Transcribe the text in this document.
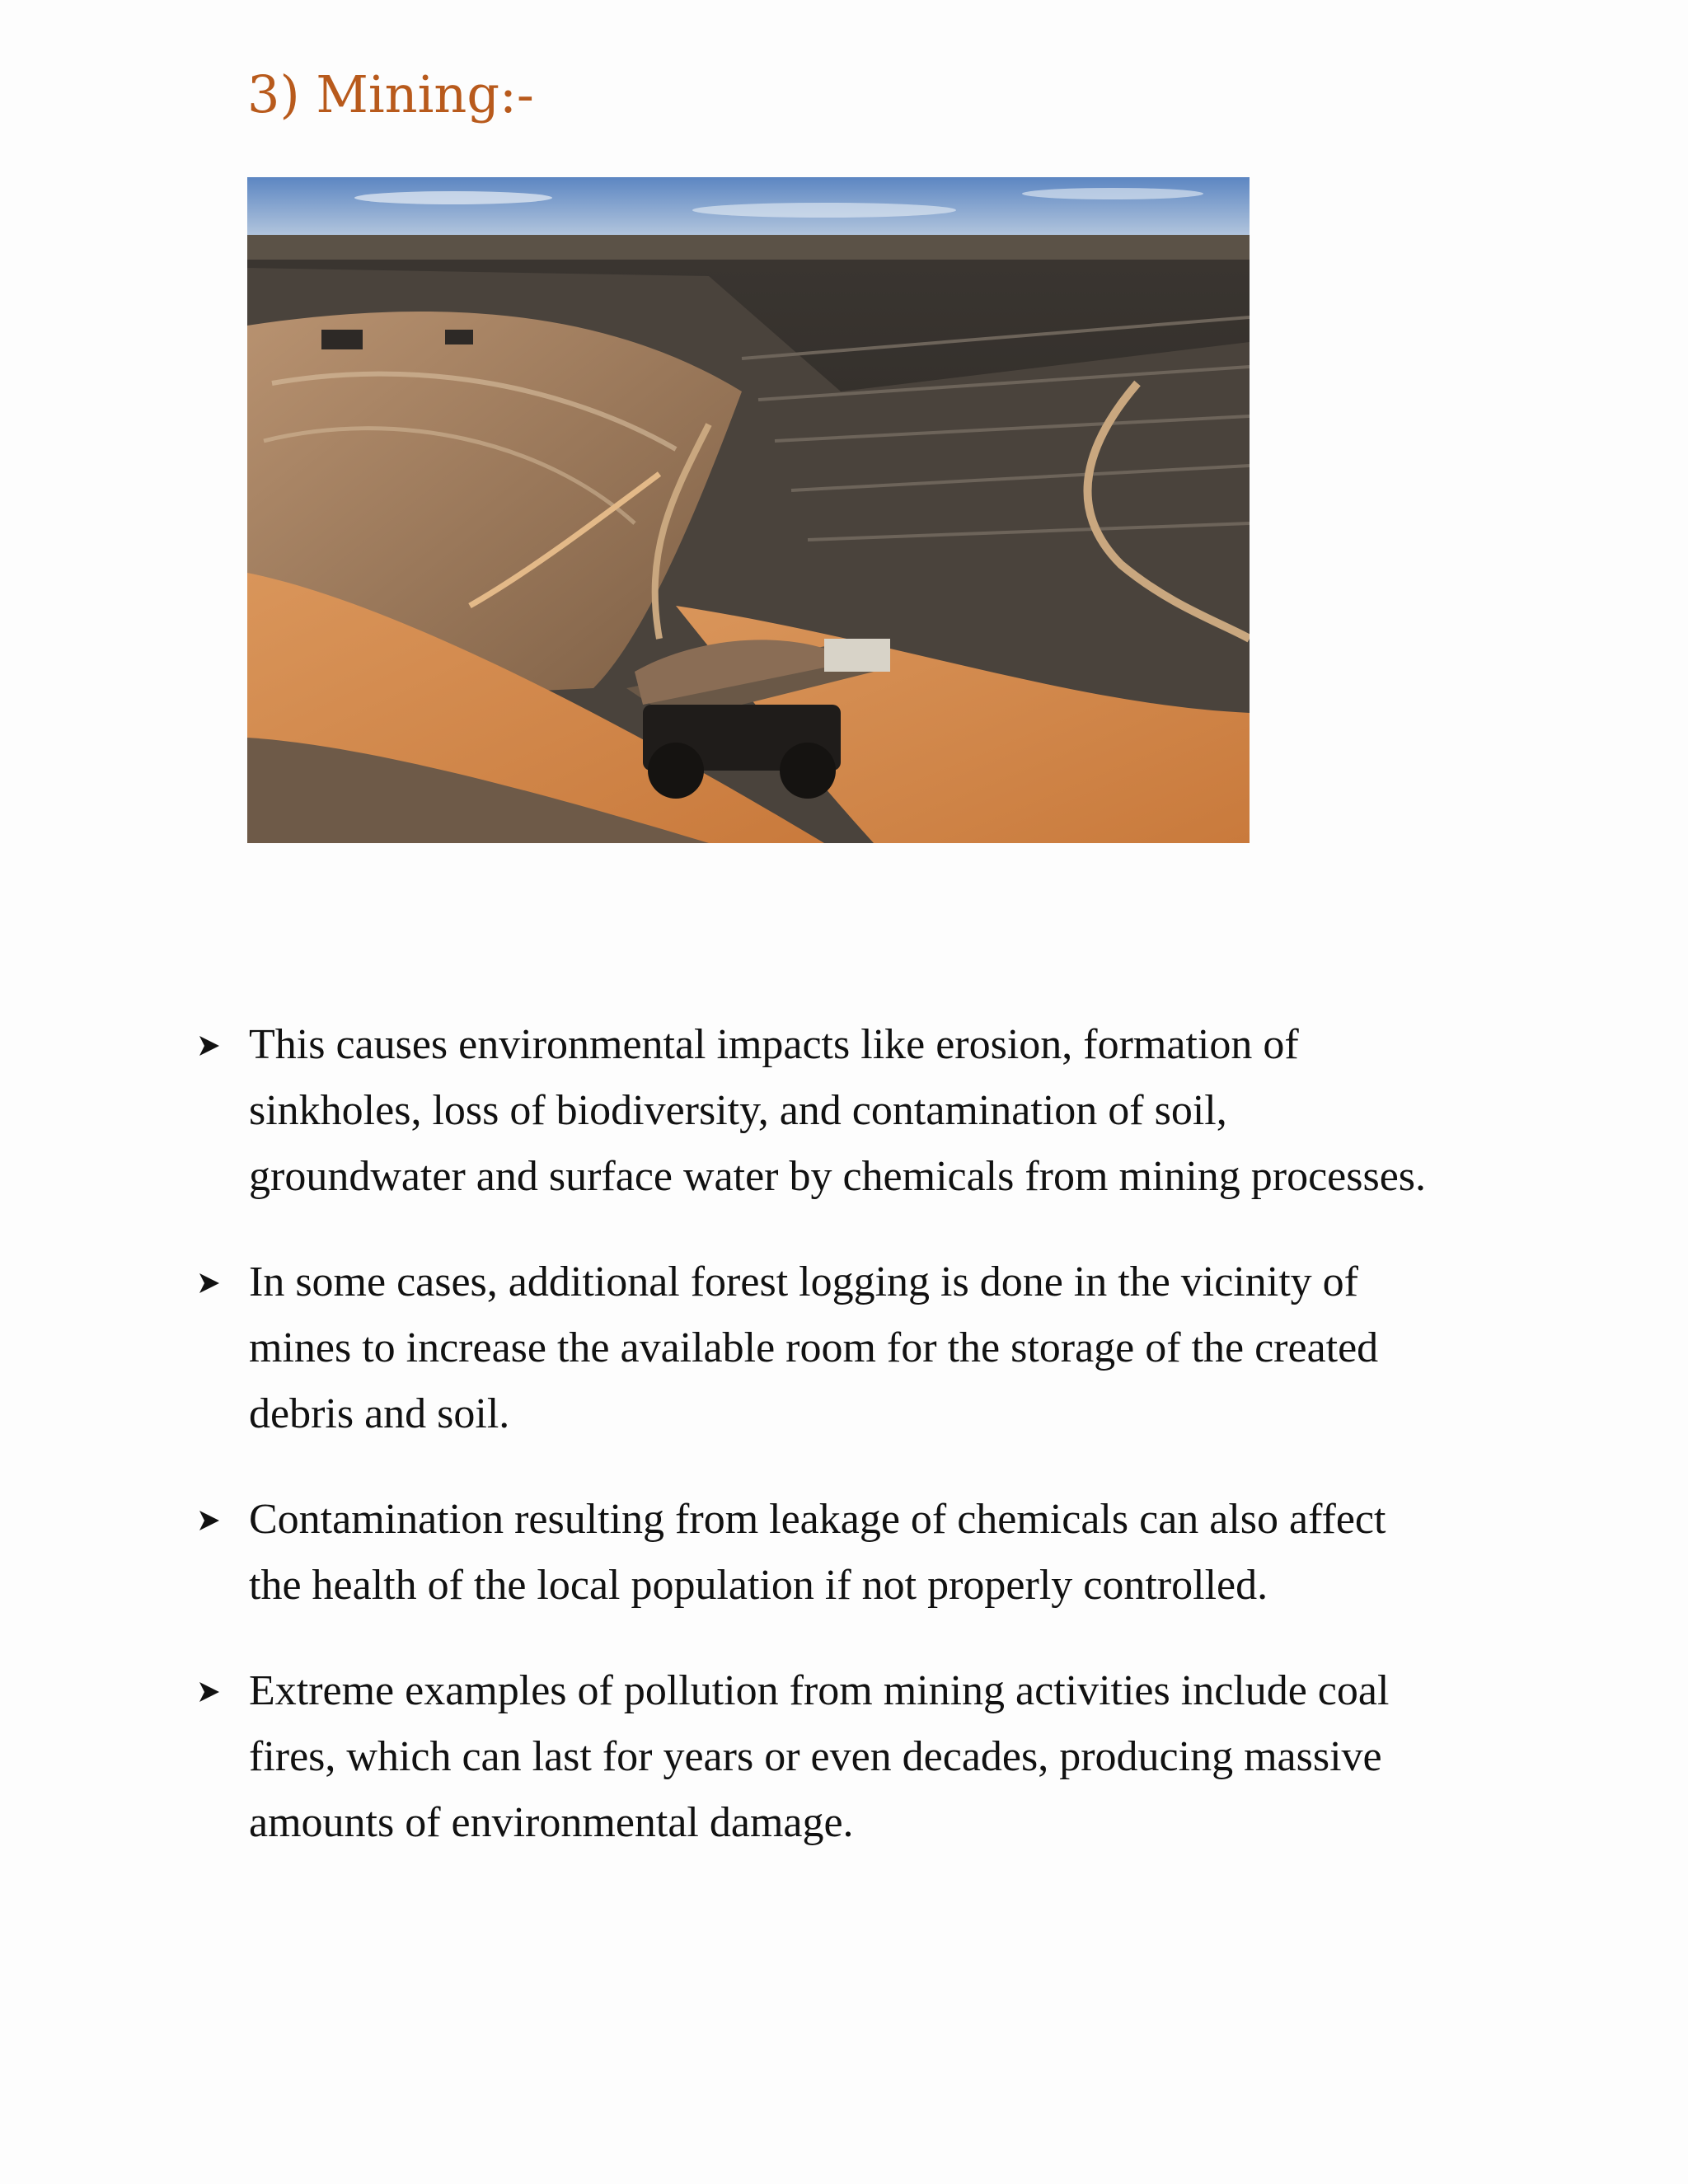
3) Mining:-
This causes environmental impacts like erosion, formation of
sinkholes, loss of biodiversity, and contamination of soil,
groundwater and surface water by chemicals from mining processes.
In some cases, additional forest logging is done in the vicinity of
mines to increase the available room for the storage of the created
debris and soil.
Contamination resulting from leakage of chemicals can also affect
the health of the local population if not properly controlled.
Extreme examples of pollution from mining activities include coal
fires, which can last for years or even decades, producing massive
amounts of environmental damage.
